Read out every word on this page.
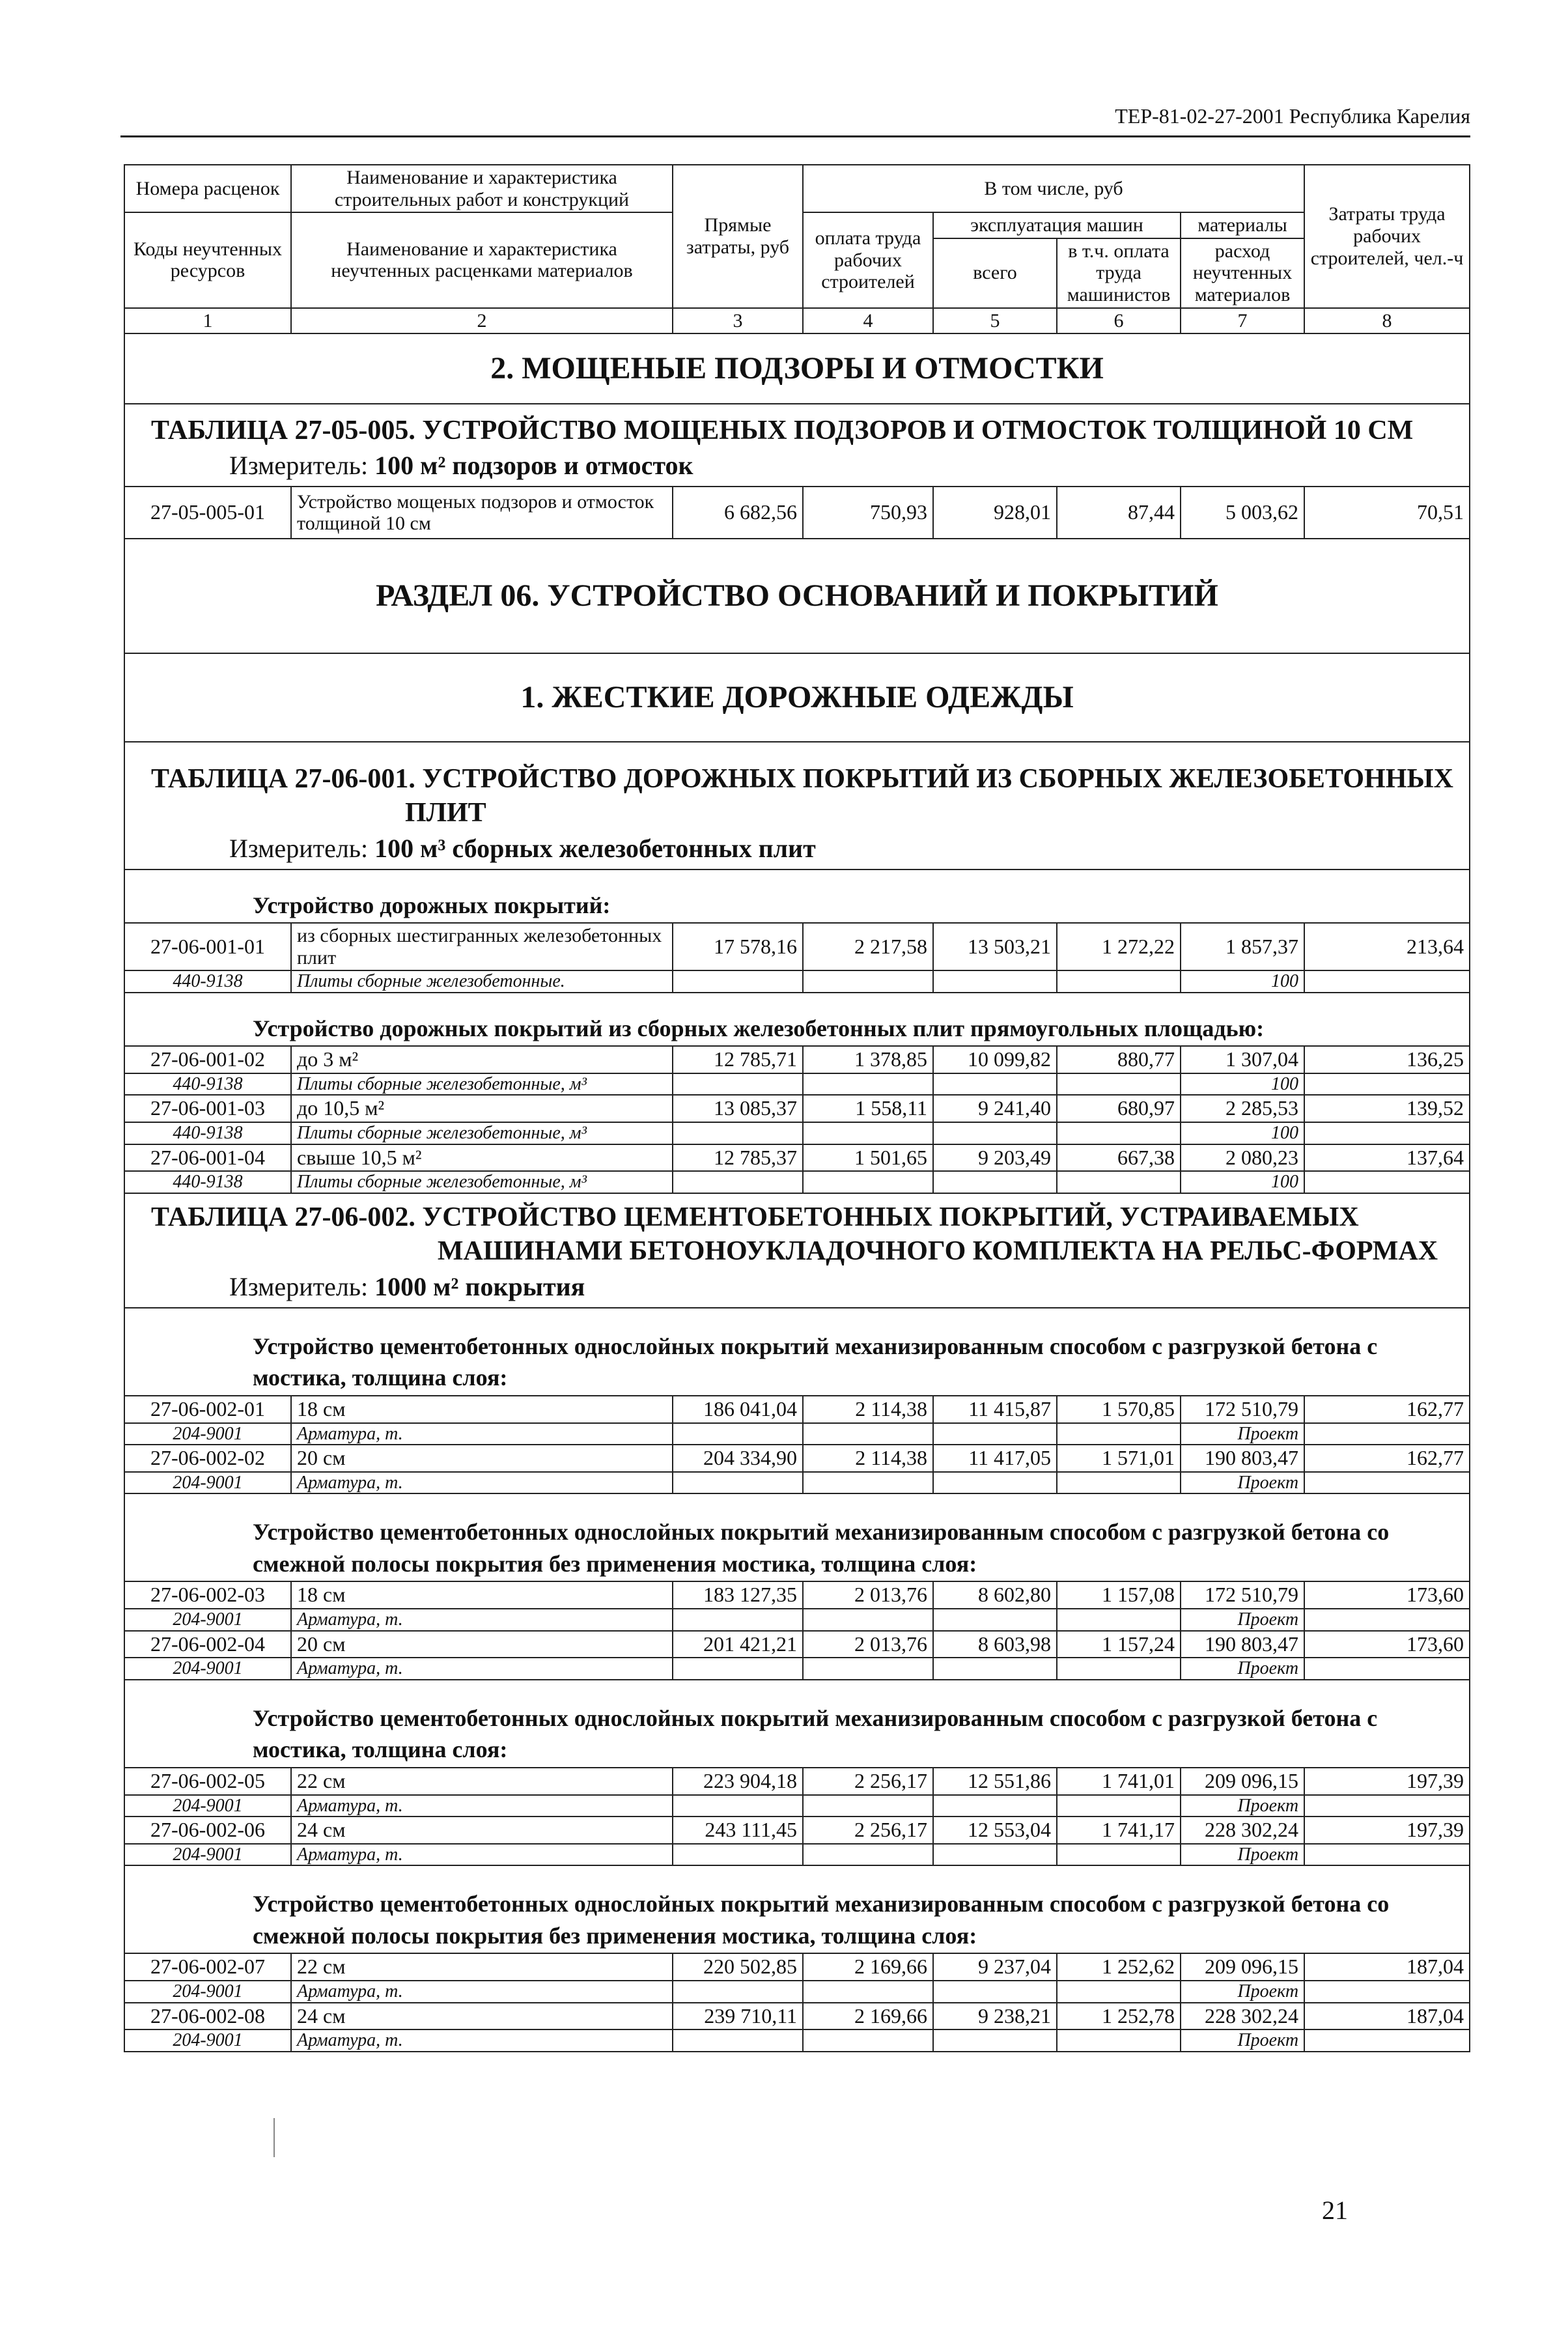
ТЕР-81-02-27-2001 Республика Карелия
Номера расценок	Наименование и характеристика строительных работ и конструкций	Прямые затраты, руб	В том числе, руб				Затраты труда рабочих строителей, чел.-ч
Коды неучтенных ресурсов	Наименование и характеристика неучтенных расценками материалов		оплата труда рабочих строителей	эксплуатация машин		материалы	
				всего	в т.ч. оплата труда машинистов	расход неучтенных материалов	

1	2	3	4	5	6	7	8
2. МОЩЕНЫЕ ПОДЗОРЫ И ОТМОСТКИ							
ТАБЛИЦА 27-05-005. УСТРОЙСТВО МОЩЕНЫХ ПОДЗОРОВ И ОТМОСТОК ТОЛЩИНОЙ 10 СМ							
Измеритель: 100 м² подзоров и отмосток							
27-05-005-01	Устройство мощеных подзоров и отмосток толщиной 10 см	6 682,56	750,93	928,01	87,44	5 003,62	70,51
РАЗДЕЛ 06. УСТРОЙСТВО ОСНОВАНИЙ И ПОКРЫТИЙ							
1. ЖЕСТКИЕ ДОРОЖНЫЕ ОДЕЖДЫ							
ТАБЛИЦА 27-06-001. УСТРОЙСТВО ДОРОЖНЫХ ПОКРЫТИЙ ИЗ СБОРНЫХ ЖЕЛЕЗОБЕТОННЫХ
ПЛИТ							
Измеритель: 100 м³ сборных железобетонных плит							
Устройство дорожных покрытий:							
27-06-001-01	из сборных шестигранных железобетонных плит	17 578,16	2 217,58	13 503,21	1 272,22	1 857,37	213,64
440-9138	Плиты сборные железобетонные.					100	
Устройство дорожных покрытий из сборных железобетонных плит прямоугольных площадью:							
27-06-001-02	до 3 м²	12 785,71	1 378,85	10 099,82	880,77	1 307,04	136,25
440-9138	Плиты сборные железобетонные, м³					100	
27-06-001-03	до 10,5 м²	13 085,37	1 558,11	9 241,40	680,97	2 285,53	139,52
440-9138	Плиты сборные железобетонные, м³					100	
27-06-001-04	свыше 10,5 м²	12 785,37	1 501,65	9 203,49	667,38	2 080,23	137,64
440-9138	Плиты сборные железобетонные, м³					100	
ТАБЛИЦА 27-06-002. УСТРОЙСТВО ЦЕМЕНТОБЕТОННЫХ ПОКРЫТИЙ, УСТРАИВАЕМЫХ
МАШИНАМИ БЕТОНОУКЛАДОЧНОГО КОМПЛЕКТА НА РЕЛЬС-ФОРМАХ							

Измеритель: 1000 м² покрытия							
Устройство цементобетонных однослойных покрытий механизированным способом с разгрузкой бетона с мостика, толщина слоя:							
27-06-002-01	18 см	186 041,04	2 114,38	11 415,87	1 570,85	172 510,79	162,77
204-9001	Арматура, т.					Проект	
27-06-002-02	20 см	204 334,90	2 114,38	11 417,05	1 571,01	190 803,47	162,77
204-9001	Арматура, т.					Проект	
Устройство цементобетонных однослойных покрытий механизированным способом с разгрузкой бетона со смежной полосы покрытия без применения мостика, толщина слоя:							
27-06-002-03	18 см	183 127,35	2 013,76	8 602,80	1 157,08	172 510,79	173,60
204-9001	Арматура, т.					Проект	
27-06-002-04	20 см	201 421,21	2 013,76	8 603,98	1 157,24	190 803,47	173,60
204-9001	Арматура, т.					Проект	
Устройство цементобетонных однослойных покрытий механизированным способом с разгрузкой бетона с мостика, толщина слоя:							
27-06-002-05	22 см	223 904,18	2 256,17	12 551,86	1 741,01	209 096,15	197,39
204-9001	Арматура, т.					Проект	
27-06-002-06	24 см	243 111,45	2 256,17	12 553,04	1 741,17	228 302,24	197,39
204-9001	Арматура, т.					Проект	
Устройство цементобетонных однослойных покрытий механизированным способом с разгрузкой бетона со смежной полосы покрытия без применения мостика, толщина слоя:							
27-06-002-07	22 см	220 502,85	2 169,66	9 237,04	1 252,62	209 096,15	187,04
204-9001	Арматура, т.					Проект	
27-06-002-08	24 см	239 710,11	2 169,66	9 238,21	1 252,78	228 302,24	187,04
204-9001	Арматура, т.					Проект	
21
